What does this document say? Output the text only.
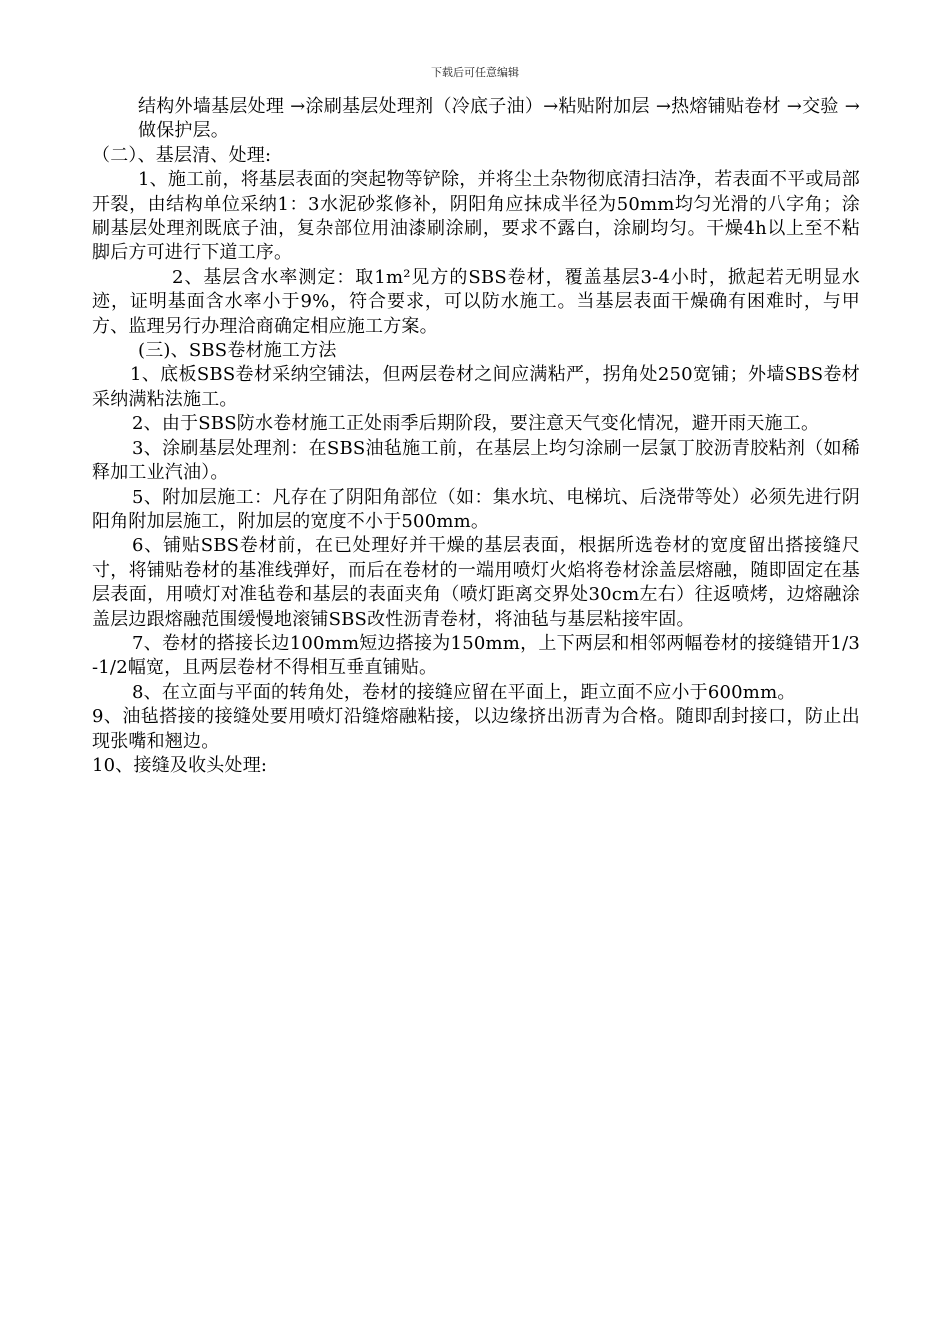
下载后可任意编辑

结构外墙基层处理 →涂刷基层处理剂（冷底子油）→粘贴附加层 →热熔铺贴卷材 →交验 →做保护层。

（二）、基层清、处理:

1、施工前，将基层表面的突起物等铲除，并将尘土杂物彻底清扫洁净，若表面不平或局部开裂，由结构单位采纳1：3水泥砂浆修补，阴阳角应抹成半径为50mm均匀光滑的八字角；涂刷基层处理剂既底子油，复杂部位用油漆刷涂刷，要求不露白，涂刷均匀。干燥4h以上至不粘脚后方可进行下道工序。

2、基层含水率测定：取1m²见方的SBS卷材，覆盖基层3-4小时，掀起若无明显水迹，证明基面含水率小于9%，符合要求，可以防水施工。当基层表面干燥确有困难时，与甲方、监理另行办理洽商确定相应施工方案。

(三)、SBS卷材施工方法

1、底板SBS卷材采纳空铺法，但两层卷材之间应满粘严，拐角处250宽铺；外墙SBS卷材采纳满粘法施工。

2、由于SBS防水卷材施工正处雨季后期阶段，要注意天气变化情况，避开雨天施工。

3、涂刷基层处理剂：在SBS油毡施工前，在基层上均匀涂刷一层氯丁胶沥青胶粘剂（如稀释加工业汽油）。

5、附加层施工：凡存在了阴阳角部位（如：集水坑、电梯坑、后浇带等处）必须先进行阴阳角附加层施工，附加层的宽度不小于500mm。

6、铺贴SBS卷材前，在已处理好并干燥的基层表面，根据所选卷材的宽度留出搭接缝尺寸，将铺贴卷材的基准线弹好，而后在卷材的一端用喷灯火焰将卷材涂盖层熔融，随即固定在基层表面，用喷灯对准毡卷和基层的表面夹角（喷灯距离交界处30cm左右）往返喷烤，边熔融涂盖层边跟熔融范围缓慢地滚铺SBS改性沥青卷材，将油毡与基层粘接牢固。

7、卷材的搭接长边100mm短边搭接为150mm，上下两层和相邻两幅卷材的接缝错开1/3-1/2幅宽，且两层卷材不得相互垂直铺贴。

8、在立面与平面的转角处，卷材的接缝应留在平面上，距立面不应小于600mm。

9、油毡搭接的接缝处要用喷灯沿缝熔融粘接，以边缘挤出沥青为合格。随即刮封接口，防止出现张嘴和翘边。

10、接缝及收头处理:
